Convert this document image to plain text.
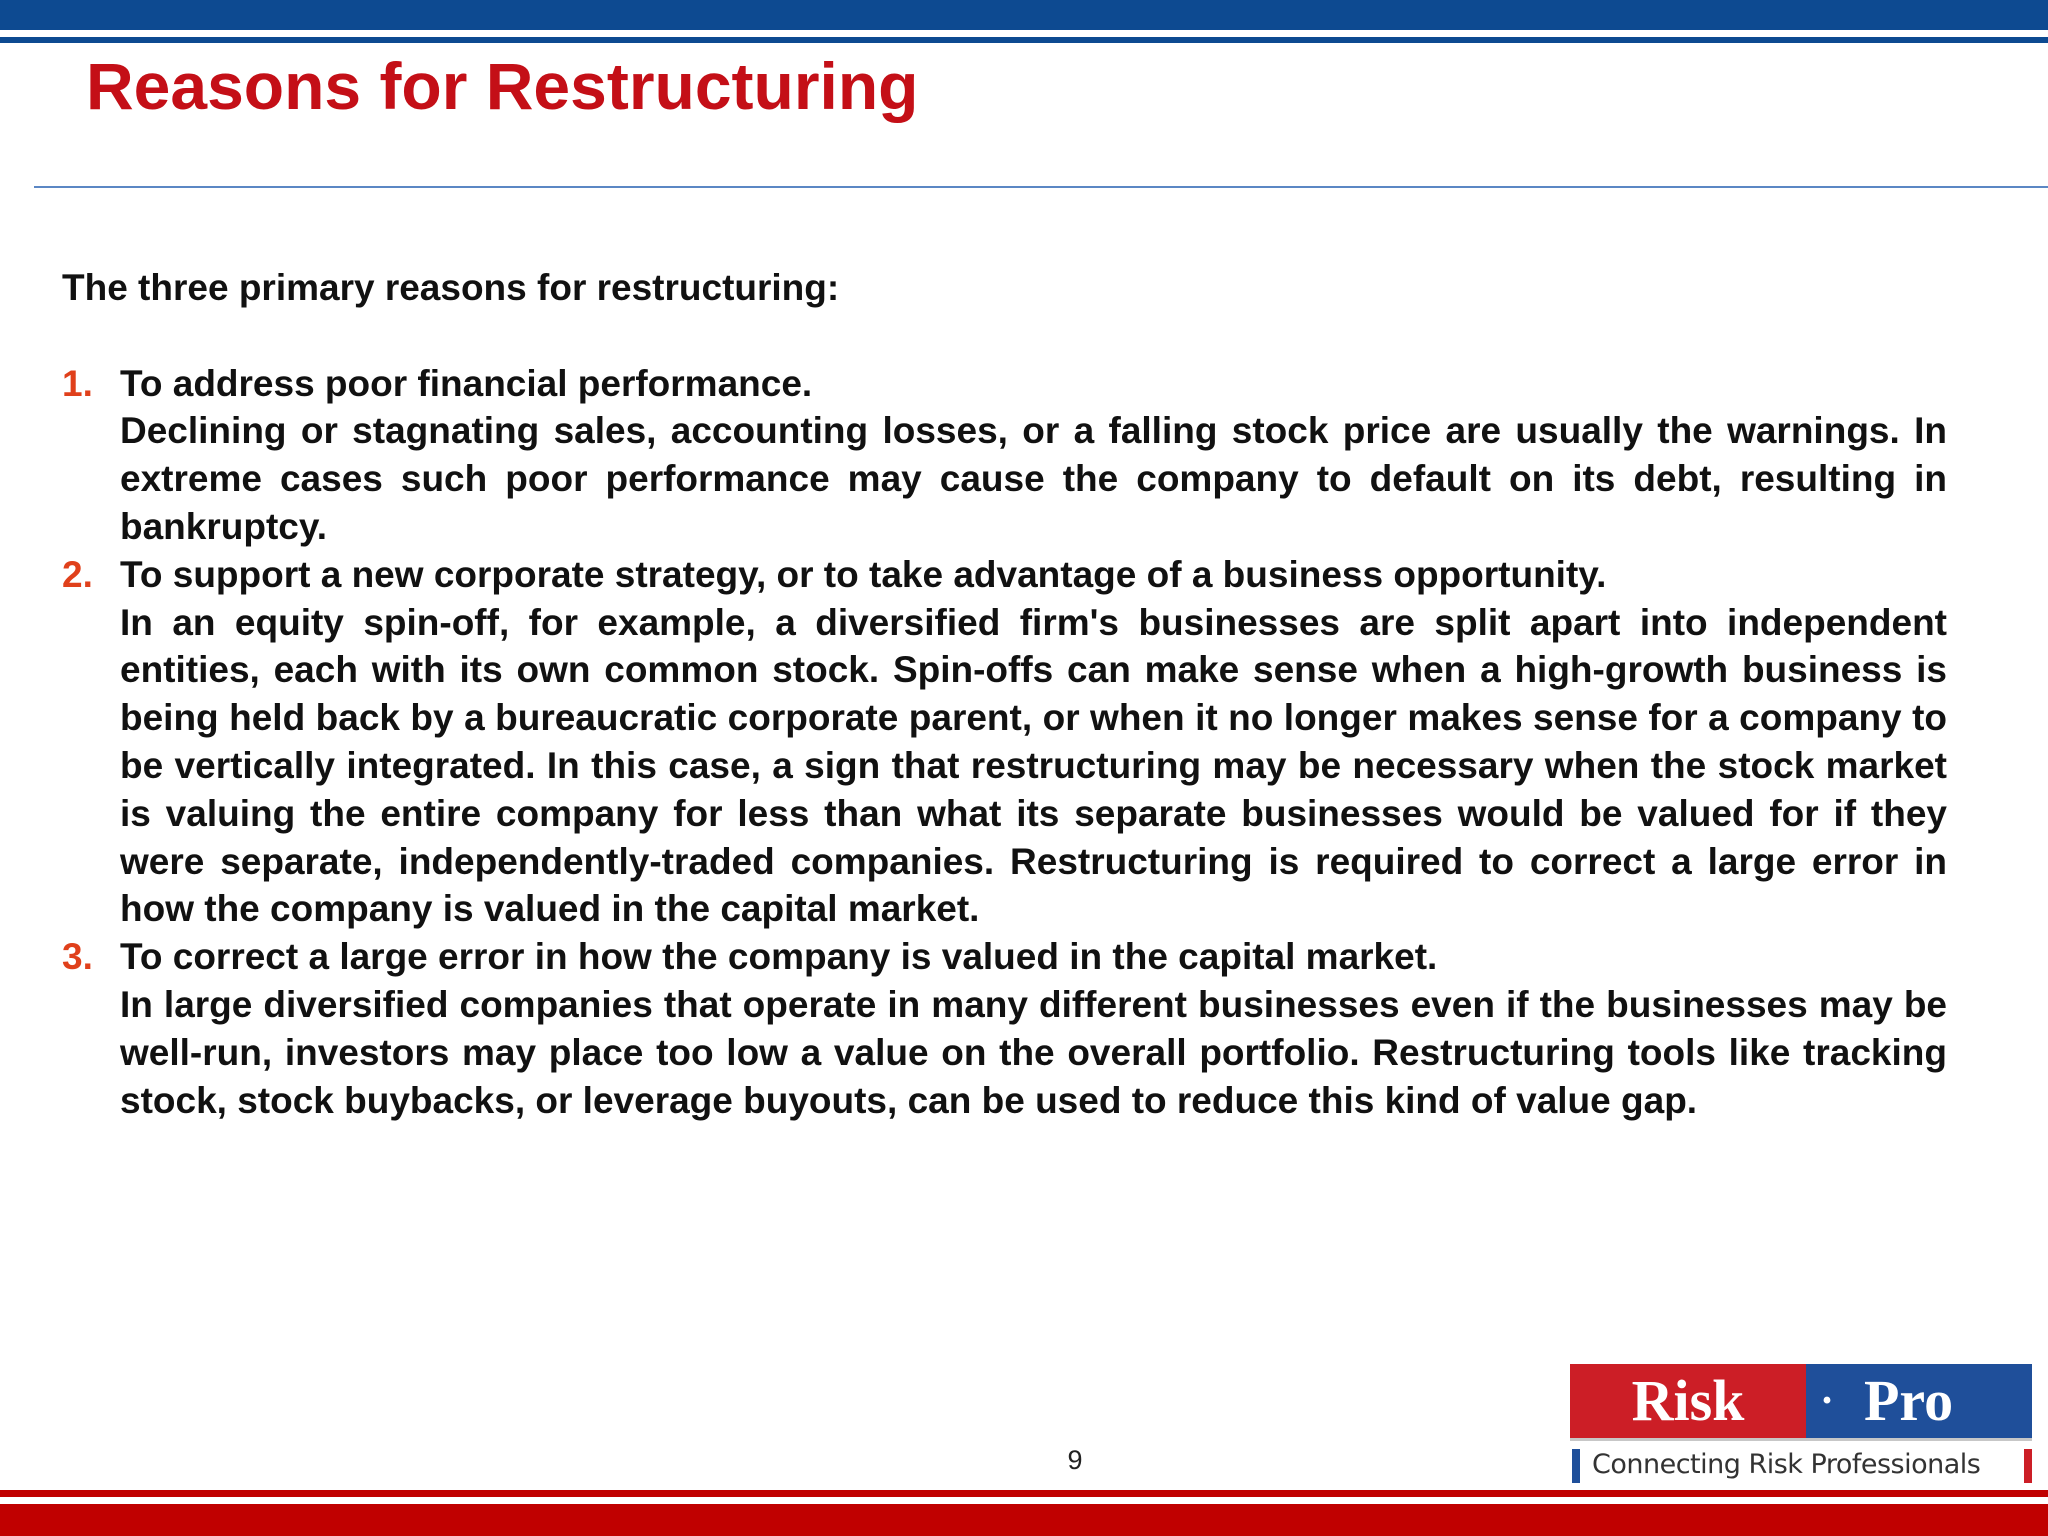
Reasons for Restructuring

The three primary reasons for restructuring:

1. To address poor financial performance.
Declining or stagnating sales, accounting losses, or a falling stock price are usually the warnings. In extreme cases such poor performance may cause the company to default on its debt, resulting in bankruptcy.
2. To support a new corporate strategy, or to take advantage of a business opportunity.
In an equity spin-off, for example, a diversified firm's businesses are split apart into independent entities, each with its own common stock. Spin-offs can make sense when a high-growth business is being held back by a bureaucratic corporate parent, or when it no longer makes sense for a company to be vertically integrated. In this case, a sign that restructuring may be necessary when the stock market is valuing the entire company for less than what its separate businesses would be valued for if they were separate, independently-traded companies. Restructuring is required to correct a large error in how the company is valued in the capital market.
3. To correct a large error in how the company is valued in the capital market.
In large diversified companies that operate in many different businesses even if the businesses may be well-run, investors may place too low a value on the overall portfolio. Restructuring tools like tracking stock, stock buybacks, or leverage buyouts, can be used to reduce this kind of value gap.
9
Risk	· Pro
Connecting Risk Professionals
